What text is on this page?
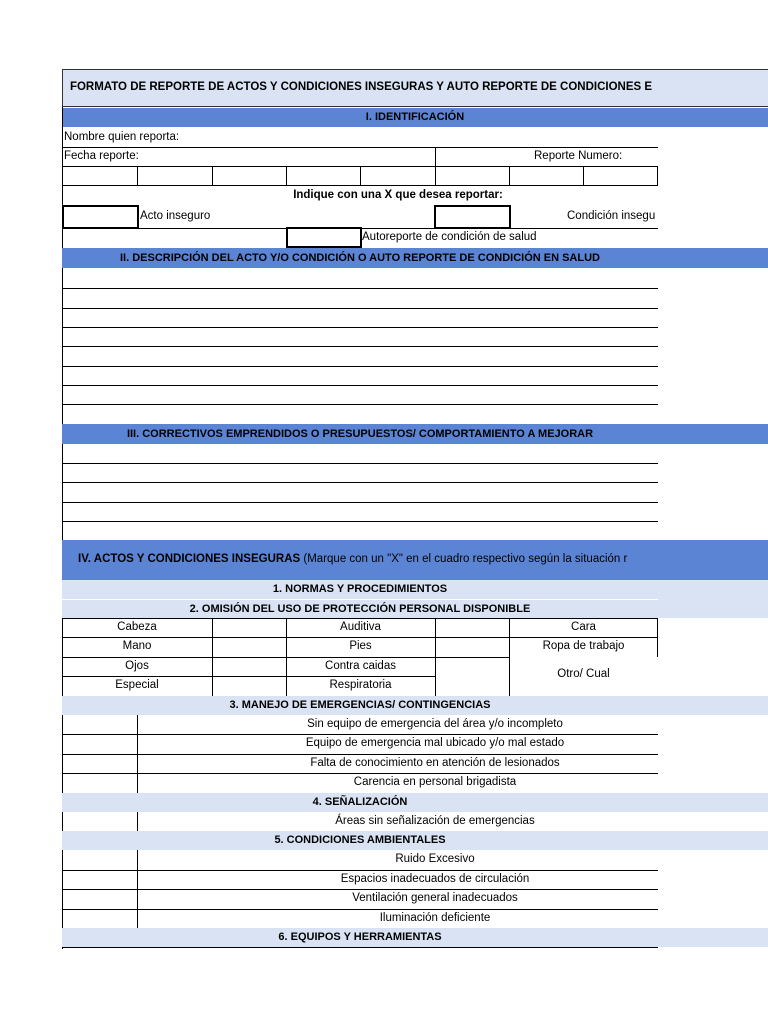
FORMATO DE REPORTE DE ACTOS Y CONDICIONES INSEGURAS Y AUTO REPORTE DE CONDICIONES E
I. IDENTIFICACIÓN
Nombre quien reporta:
Fecha reporte:	Reporte Numero:
Indique con una X que desea reportar:
Acto inseguro	Condición insegu
Autoreporte de condición de salud
II. DESCRIPCIÓN DEL ACTO Y/O CONDICIÓN O AUTO REPORTE DE CONDICIÓN EN SALUD
III. CORRECTIVOS EMPRENDIDOS O PRESUPUESTOS/ COMPORTAMIENTO A MEJORAR
1. NORMAS Y PROCEDIMIENTOS
2. OMISIÓN DEL USO DE PROTECCIÓN PERSONAL DISPONIBLE
Cabeza
Mano
Ojos
Especial
Auditiva
Pies
Contra caidas
Respiratoria
Cara
Ropa de trabajo
Otro/ Cual
3. MANEJO DE EMERGENCIAS/ CONTINGENCIAS
Sin equipo de emergencia del área y/o incompleto
Equipo de emergencia mal ubicado y/o mal estado
Falta de conocimiento en atención de lesionados
Carencia en personal brigadista
4. SEÑALIZACIÓN
Áreas sin señalización de emergencias
5. CONDICIONES AMBIENTALES
Ruido Excesivo
Espacios inadecuados de circulación
Ventilación general inadecuados
Iluminación deficiente
6. EQUIPOS Y HERRAMIENTAS
IV. ACTOS Y CONDICIONES INSEGURAS (Marque con un "X" en el cuadro respectivo según la situación r
